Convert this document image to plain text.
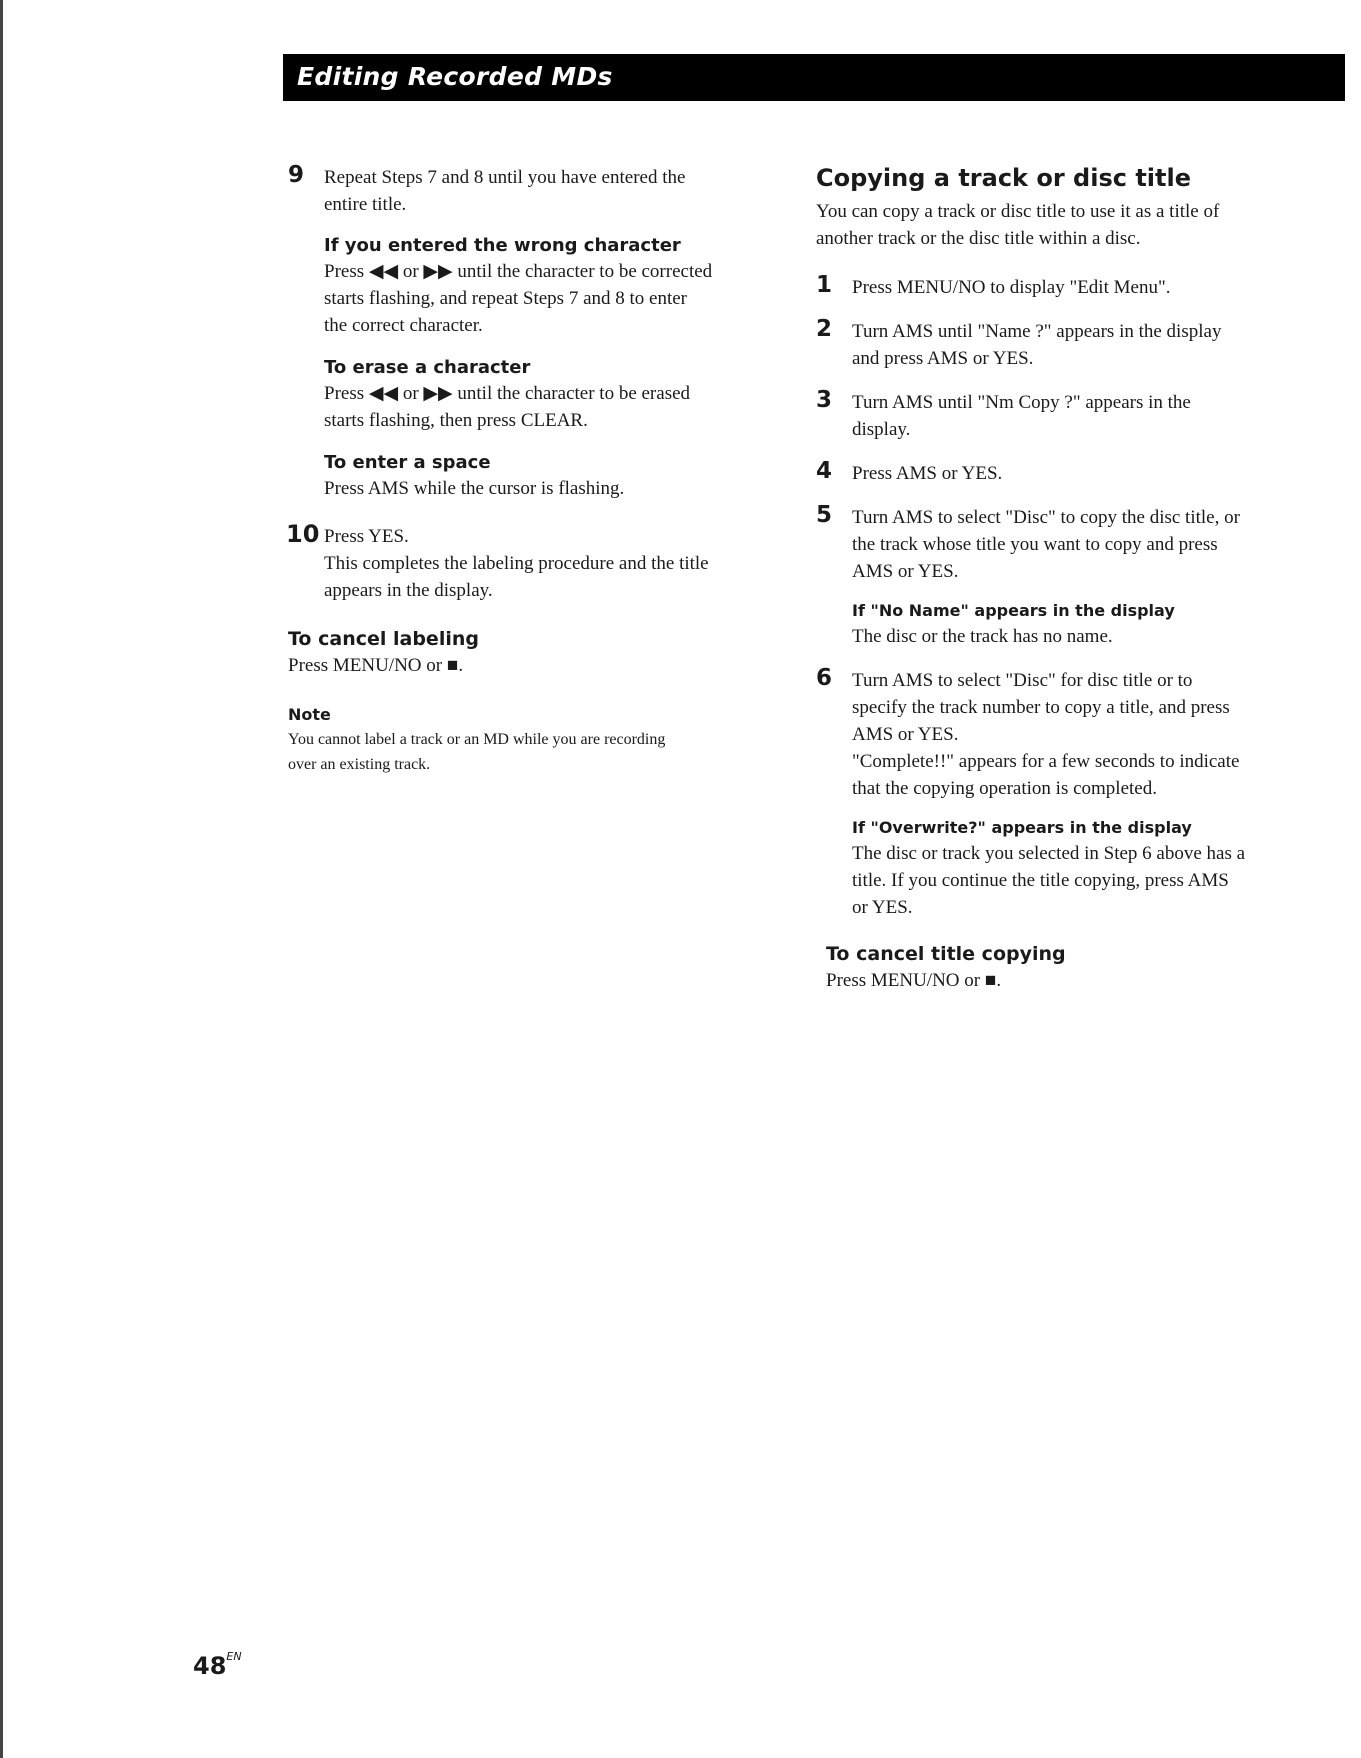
Editing Recorded MDs
9 Repeat Steps 7 and 8 until you have entered the
entire title.
If you entered the wrong character
Press ◀◀ or ▶▶ until the character to be corrected
starts flashing, and repeat Steps 7 and 8 to enter
the correct character.
To erase a character
Press ◀◀ or ▶▶ until the character to be erased
starts flashing, then press CLEAR.
To enter a space
Press AMS while the cursor is flashing.
10 Press YES.
This completes the labeling procedure and the title
appears in the display.
To cancel labeling
Press MENU/NO or ■.
Note
You cannot label a track or an MD while you are recording
over an existing track.
Copying a track or disc title
You can copy a track or disc title to use it as a title of
another track or the disc title within a disc.
1 Press MENU/NO to display "Edit Menu".
2 Turn AMS until "Name ?" appears in the display
and press AMS or YES.
3 Turn AMS until "Nm Copy ?" appears in the
display.
4 Press AMS or YES.
5 Turn AMS to select "Disc" to copy the disc title, or
the track whose title you want to copy and press
AMS or YES.
If "No Name" appears in the display
The disc or the track has no name.
6 Turn AMS to select "Disc" for disc title or to
specify the track number to copy a title, and press
AMS or YES.
"Complete!!" appears for a few seconds to indicate
that the copying operation is completed.
If "Overwrite?" appears in the display
The disc or track you selected in Step 6 above has a
title. If you continue the title copying, press AMS
or YES.
To cancel title copying
Press MENU/NO or ■.
$48^{EN}$
